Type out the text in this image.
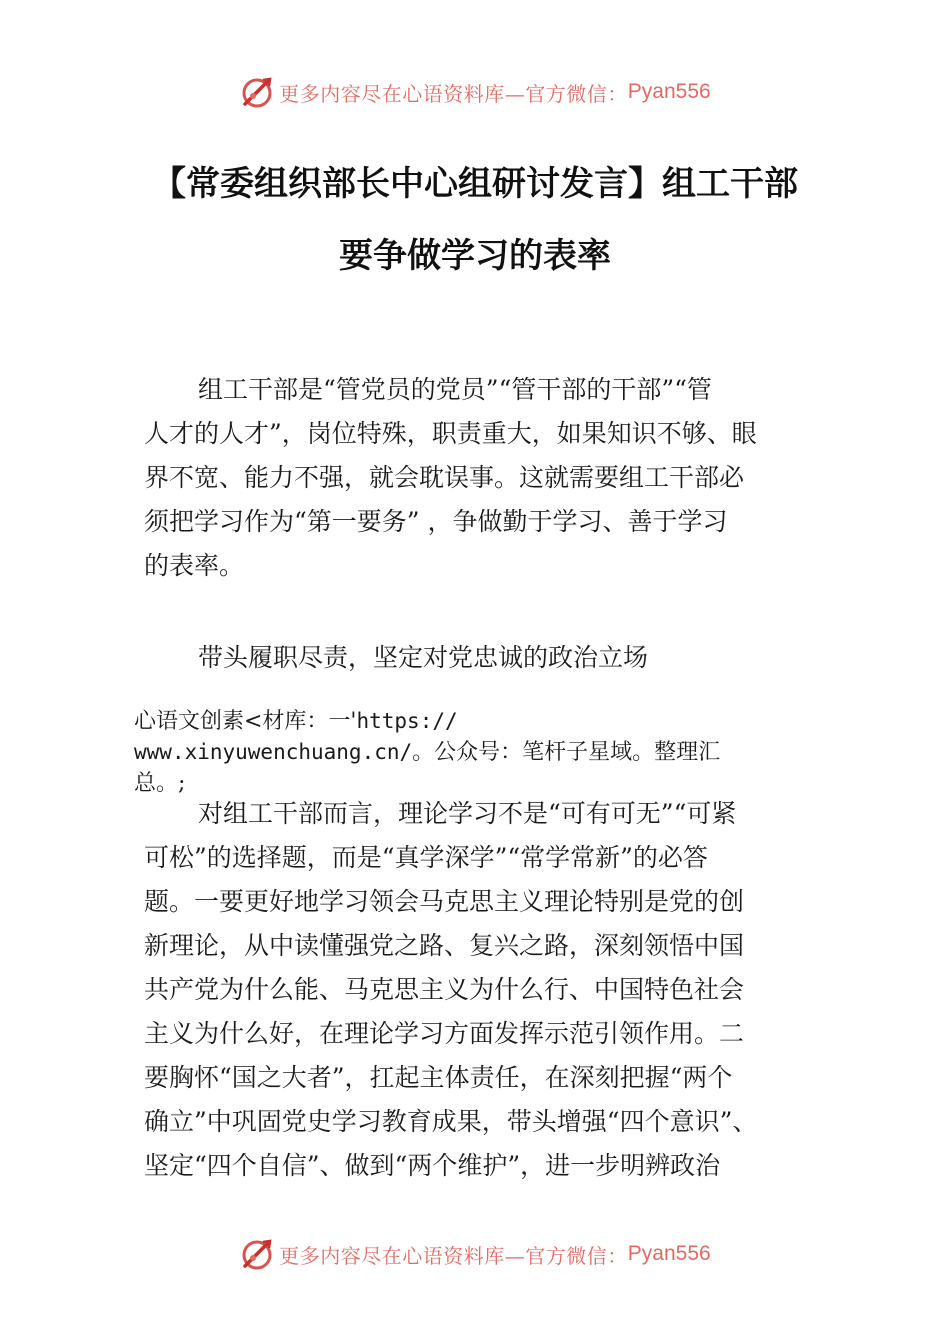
更多内容尽在心语资料库—官方微信： Pyan556
【常委组织部长中心组研讨发言】组工干部
要争做学习的表率
组工干部是“管党员的党员”“管干部的干部”“管
人才的人才”，岗位特殊，职责重大，如果知识不够、眼
界不宽、能力不强，就会耽误事。这就需要组工干部必
须把学习作为“第一要务” ，争做勤于学习、善于学习
的表率。
带头履职尽责，坚定对党忠诚的政治立场
心语文创素<材库：一'https://
www.xinyuwenchuang.cn/。公众号：笔杆子星域。整理汇
总。;
对组工干部而言，理论学习不是“可有可无”“可紧
可松”的选择题，而是“真学深学”“常学常新”的必答
题。一要更好地学习领会马克思主义理论特别是党的创
新理论，从中读懂强党之路、复兴之路，深刻领悟中国
共产党为什么能、马克思主义为什么行、中国特色社会
主义为什么好，在理论学习方面发挥示范引领作用。二
要胸怀“国之大者”，扛起主体责任，在深刻把握“两个
确立”中巩固党史学习教育成果，带头增强“四个意识”、
坚定“四个自信”、做到“两个维护”，进一步明辨政治
更多内容尽在心语资料库—官方微信： Pyan556
